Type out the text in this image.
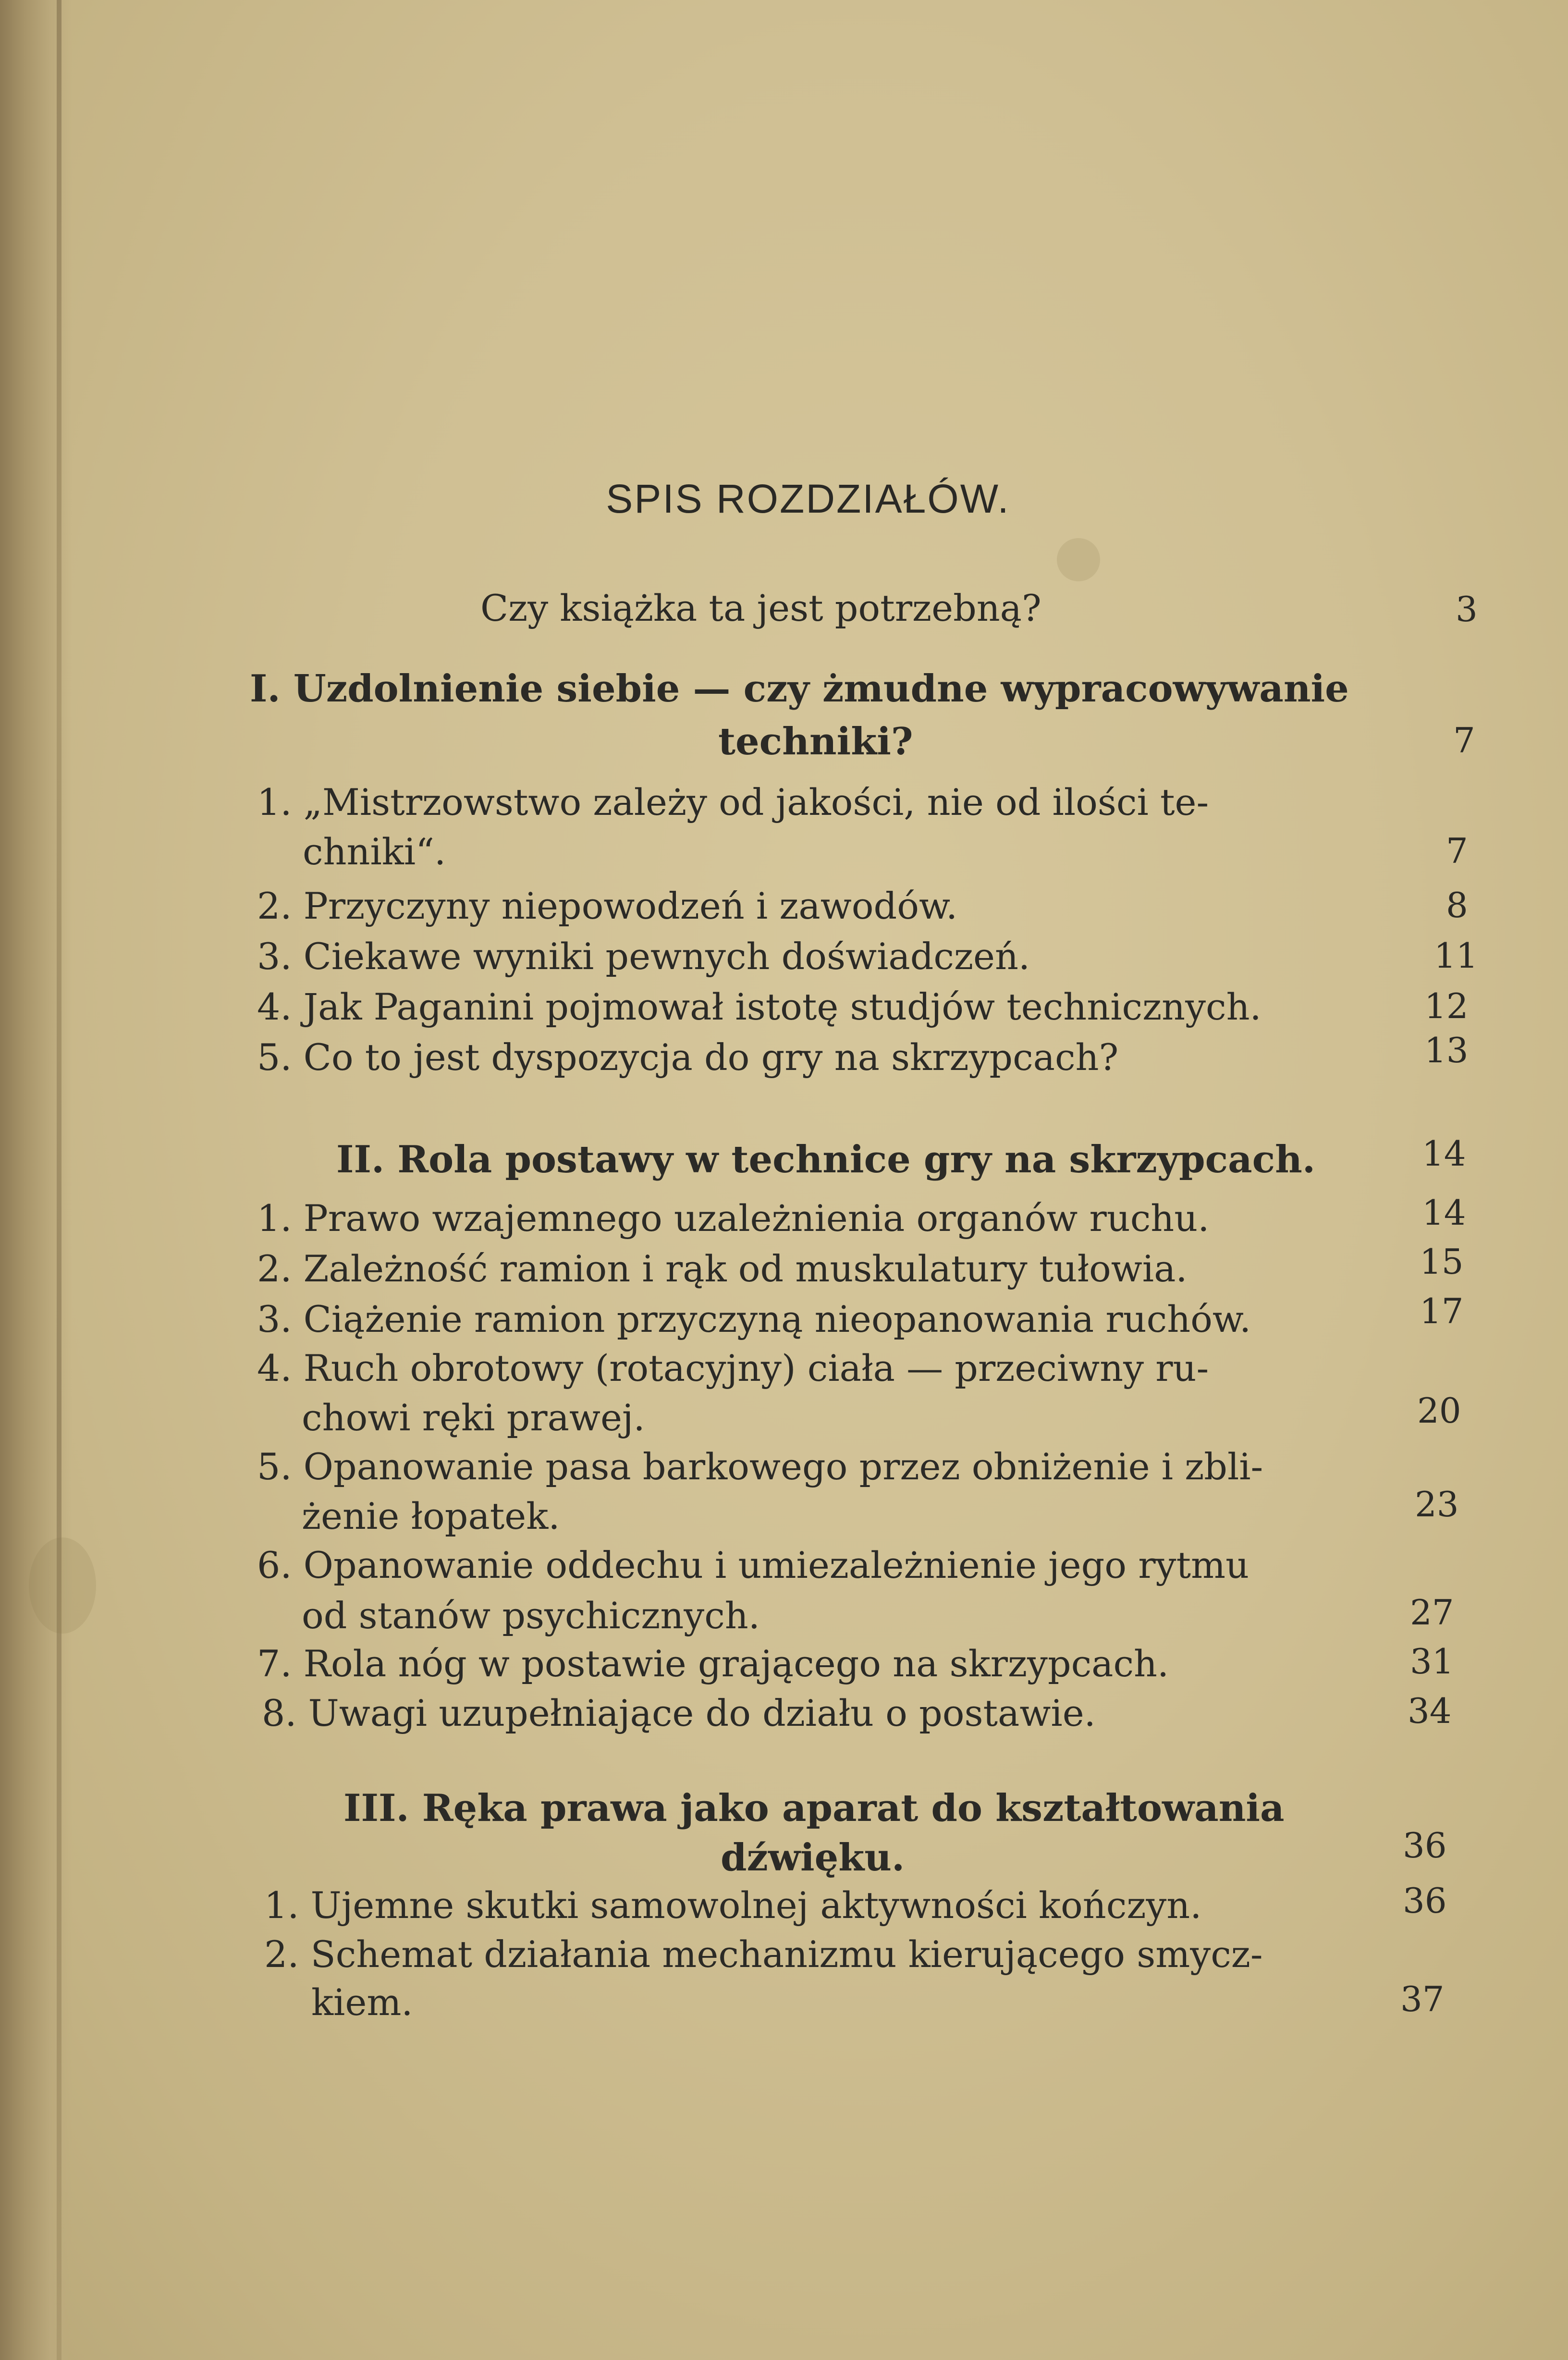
SPIS ROZDZIAŁÓW.
Czy książka ta jest potrzebną?	3
I. Uzdolnienie siebie — czy żmudne wypracowywanie
techniki?	7
1. „Mistrzowstwo zależy od jakości, nie od ilości te-
chniki“.	7
2. Przyczyny niepowodzeń i zawodów.	8
3. Ciekawe wyniki pewnych doświadczeń.	11
4. Jak Paganini pojmował istotę studjów technicznych.	12
5. Co to jest dyspozycja do gry na skrzypcach?	13
II. Rola postawy w technice gry na skrzypcach.	14
1. Prawo wzajemnego uzależnienia organów ruchu.	14
2. Zależność ramion i rąk od muskulatury tułowia.	15
3. Ciążenie ramion przyczyną nieopanowania ruchów.	17
4. Ruch obrotowy (rotacyjny) ciała — przeciwny ru-
chowi ręki prawej.	20
5. Opanowanie pasa barkowego przez obniżenie i zbli-
żenie łopatek.	23
6. Opanowanie oddechu i umiezależnienie jego rytmu
od stanów psychicznych.	27
7. Rola nóg w postawie grającego na skrzypcach.	31
8. Uwagi uzupełniające do działu o postawie.	34
III. Ręka prawa jako aparat do kształtowania
dźwięku.	36
1. Ujemne skutki samowolnej aktywności kończyn.	36
2. Schemat działania mechanizmu kierującego smycz-
kiem.	37
